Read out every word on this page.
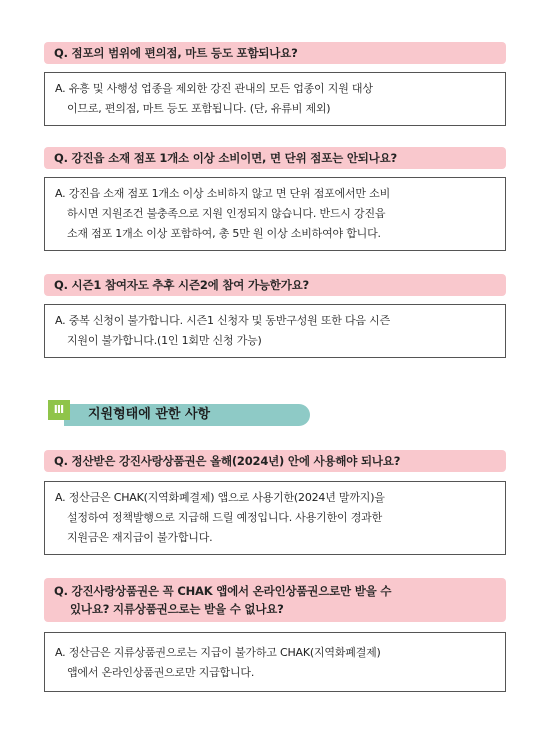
Q. 점포의 범위에 편의점, 마트 등도 포함되나요?
A. 유흥 및 사행성 업종을 제외한 강진 관내의 모든 업종이 지원 대상
이므로, 편의점, 마트 등도 포함됩니다. (단, 유류비 제외)
Q. 강진읍 소재 점포 1개소 이상 소비이면, 면 단위 점포는 안되나요?
A. 강진읍 소재 점포 1개소 이상 소비하지 않고 면 단위 점포에서만 소비
하시면 지원조건 불충족으로 지원 인정되지 않습니다. 반드시 강진읍
소재 점포 1개소 이상 포함하여, 총 5만 원 이상 소비하여야 합니다.
Q. 시즌1 참여자도 추후 시즌2에 참여 가능한가요?
A. 중복 신청이 불가합니다. 시즌1 신청자 및 동반구성원 또한 다음 시즌
지원이 불가합니다.(1인 1회만 신청 가능)
Ⅲ	지원형태에 관한 사항
Q. 정산받은 강진사랑상품권은 올해(2024년) 안에 사용해야 되나요?
A. 정산금은 CHAK(지역화폐결제) 앱으로 사용기한(2024년 말까지)을
설정하여 정책발행으로 지급해 드릴 예정입니다. 사용기한이 경과한
지원금은 재지급이 불가합니다.
Q. 강진사랑상품권은 꼭 CHAK 앱에서 온라인상품권으로만 받을 수
있나요? 지류상품권으로는 받을 수 없나요?
A. 정산금은 지류상품권으로는 지급이 불가하고 CHAK(지역화폐결제)
앱에서 온라인상품권으로만 지급합니다.
